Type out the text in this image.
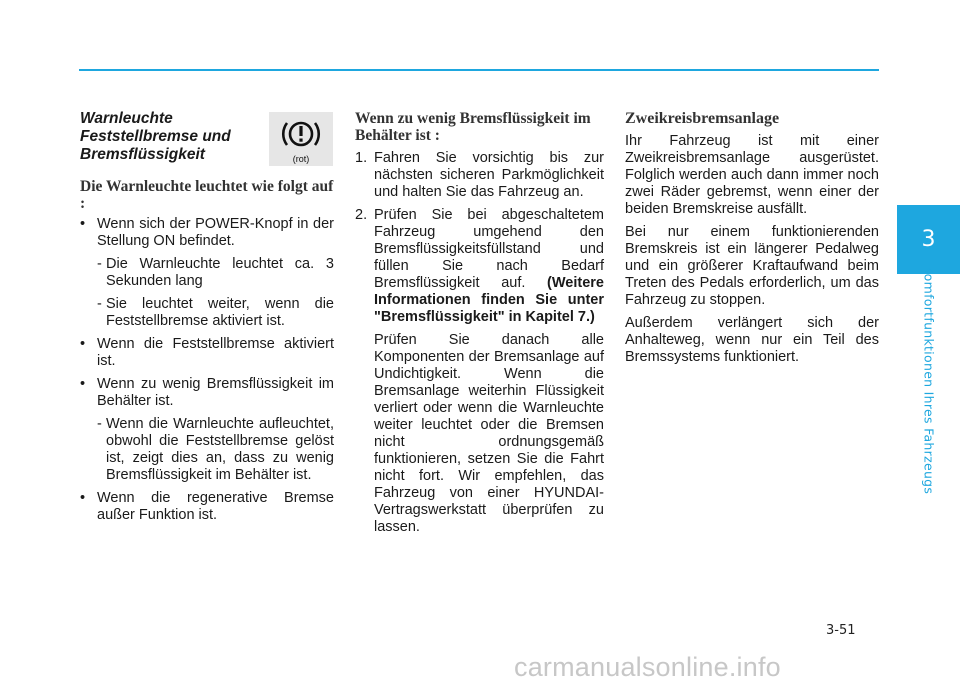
3
Komfortfunktionen Ihres Fahrzeugs
Warnleuchte Feststellbremse und Bremsflüssigkeit	(rot)
Die Warnleuchte leuchtet wie folgt auf :
• Wenn sich der POWER-Knopf in der Stellung ON befindet.
- Die Warnleuchte leuchtet ca. 3 Sekunden lang
- Sie leuchtet weiter, wenn die Feststellbremse aktiviert ist.
• Wenn die Feststellbremse aktiviert ist.
• Wenn zu wenig Bremsflüssigkeit im Behälter ist.
- Wenn die Warnleuchte aufleuchtet, obwohl die Feststellbremse gelöst ist, zeigt dies an, dass zu wenig Bremsflüssigkeit im Behälter ist.
• Wenn die regenerative Bremse außer Funktion ist.
Wenn zu wenig Bremsflüssigkeit im Behälter ist :
1. Fahren Sie vorsichtig bis zur nächsten sicheren Parkmöglichkeit und halten Sie das Fahrzeug an.
2. Prüfen Sie bei abgeschaltetem Fahrzeug umgehend den Bremsflüssigkeitsfüllstand und füllen Sie nach Bedarf Bremsflüssigkeit auf. (Weitere Informationen finden Sie unter "Bremsflüssigkeit" in Kapitel 7.)
Prüfen Sie danach alle Komponenten der Bremsanlage auf Undichtigkeit. Wenn die Bremsanlage weiterhin Flüssigkeit verliert oder wenn die Warnleuchte weiter leuchtet oder die Bremsen nicht ordnungsgemäß funktionieren, setzen Sie die Fahrt nicht fort. Wir empfehlen, das Fahrzeug von einer HYUNDAI-Vertragswerkstatt überprüfen zu lassen.
Zweikreisbremsanlage

Ihr Fahrzeug ist mit einer Zweikreisbremsanlage ausgerüstet. Folglich werden auch dann immer noch zwei Räder gebremst, wenn einer der beiden Bremskreise ausfällt.

Bei nur einem funktionierenden Bremskreis ist ein längerer Pedalweg und ein größerer Kraftaufwand beim Treten des Pedals erforderlich, um das Fahrzeug zu stoppen.

Außerdem verlängert sich der Anhalteweg, wenn nur ein Teil des Bremssystems funktioniert.

3-51
carmanualsonline.info
